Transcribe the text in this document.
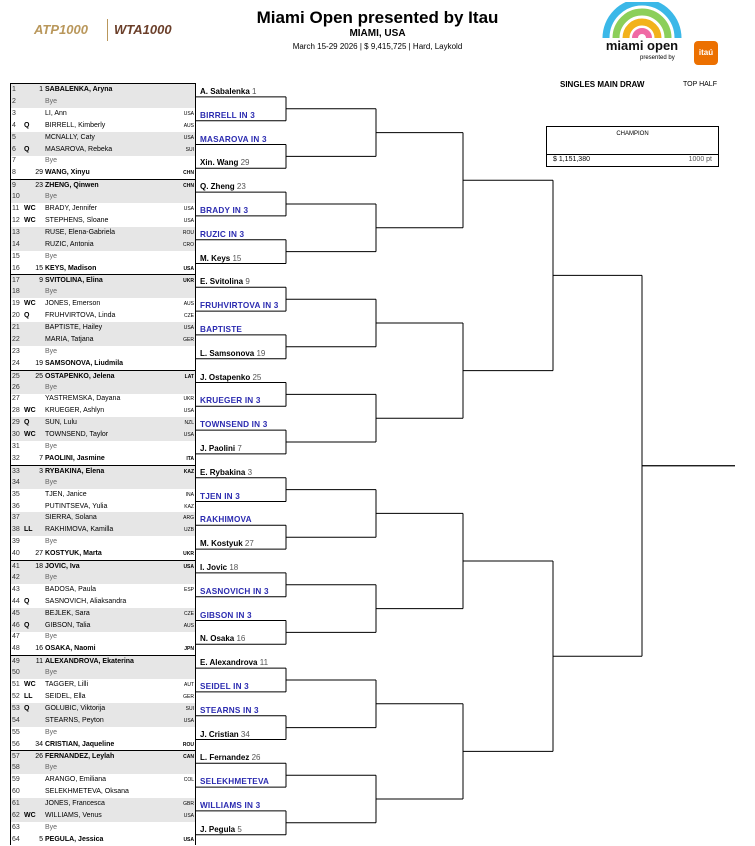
ATP1000 WTA1000
Miami Open presented by Itau
MIAMI, USA
March 15-29 2026 | $ 9,415,725 | Hard, Laykold	miami open
presented by
itaú
SINGLES MAIN DRAW	TOP HALF
CHAMPION
$ 1,151,380	1000 pt
1	1 SABALENKA, Aryna
2	Bye
3	LI, Ann	USA
4 Q BIRRELL, Kimberly	AUS
5	MCNALLY, Caty	USA
6 Q MASAROVA, Rebeka	SUI
7	Bye
8	29 WANG, Xinyu	CHN
9	23 ZHENG, Qinwen	CHN
10	Bye
11 WC BRADY, Jennifer	USA
12 WC STEPHENS, Sloane	USA
13	RUSE, Elena-Gabriela	ROU
14	RUZIC, Antonia	CRO
15	Bye
16	15 KEYS, Madison	USA
17	9 SVITOLINA, Elina	UKR
18	Bye
19 WC JONES, Emerson	AUS
20 Q FRUHVIRTOVA, Linda	CZE
21	BAPTISTE, Hailey	USA
22	MARIA, Tatjana	GER
23	Bye
24	19 SAMSONOVA, Liudmila
25	25 OSTAPENKO, Jelena	LAT
26	Bye
27	YASTREMSKA, Dayana	UKR
28 WC KRUEGER, Ashlyn	USA
29 Q SUN, Lulu	NZL
30 WC TOWNSEND, Taylor	USA
31	Bye
32	7 PAOLINI, Jasmine	ITA
33	3 RYBAKINA, Elena	KAZ
34	Bye
35	TJEN, Janice	INA
36	PUTINTSEVA, Yulia	KAZ
37	SIERRA, Solana	ARG
38 LL RAKHIMOVA, Kamilla	UZB
39	Bye
40	27 KOSTYUK, Marta	UKR
41	18 JOVIC, Iva	USA
42	Bye
43	BADOSA, Paula	ESP
44 Q SASNOVICH, Aliaksandra
45	BEJLEK, Sara	CZE
46 Q GIBSON, Talia	AUS
47	Bye
48	16 OSAKA, Naomi	JPN
49	11 ALEXANDROVA, Ekaterina
50	Bye
51 WC TAGGER, Lilli	AUT
52 LL SEIDEL, Ella	GER
53 Q GOLUBIC, Viktorija	SUI
54	STEARNS, Peyton	USA
55	Bye
56	34 CRISTIAN, Jaqueline	ROU
57	26 FERNANDEZ, Leylah	CAN
58	Bye
59	ARANGO, Emiliana	COL
60	SELEKHMETEVA, Oksana
61	JONES, Francesca	GBR
62 WC WILLIAMS, Venus	USA
63	Bye
64	5 PEGULA, Jessica	USA
A. Sabalenka 1
BIRRELL IN 3
MASAROVA IN 3
Xin. Wang 29
Q. Zheng 23
BRADY IN 3
RUZIC IN 3
M. Keys 15
E. Svitolina 9
FRUHVIRTOVA IN 3
BAPTISTE
L. Samsonova 19
J. Ostapenko 25
KRUEGER IN 3
TOWNSEND IN 3
J. Paolini 7
E. Rybakina 3
TJEN IN 3
RAKHIMOVA
M. Kostyuk 27
I. Jovic 18
SASNOVICH IN 3
GIBSON IN 3
N. Osaka 16
E. Alexandrova 11
SEIDEL IN 3
STEARNS IN 3
J. Cristian 34
L. Fernandez 26
SELEKHMETEVA
WILLIAMS IN 3
J. Pegula 5
